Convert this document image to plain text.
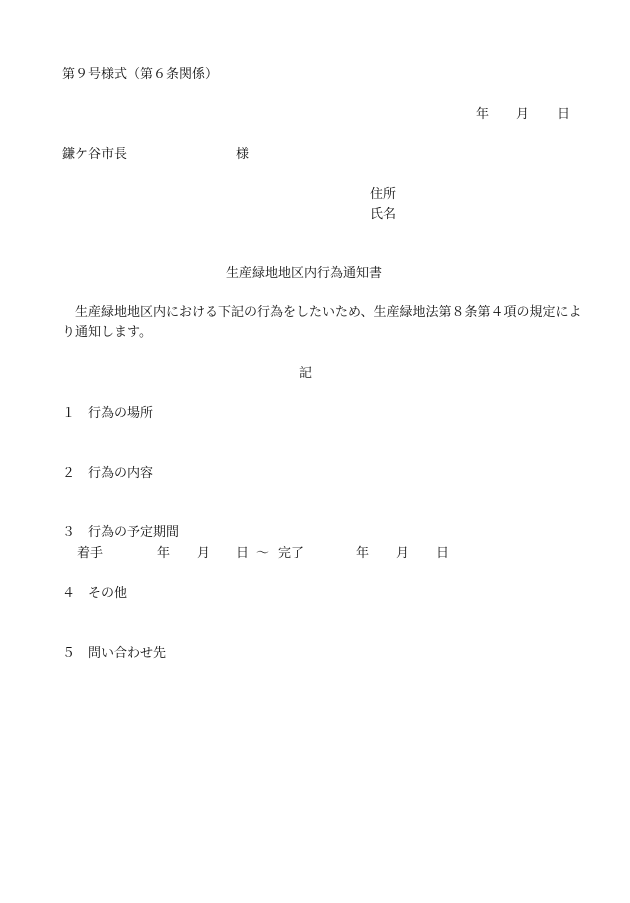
第９号様式（第６条関係）
年 月 日
鎌ケ谷市長	様
住所
氏名
生産緑地地区内行為通知書
生産緑地地区内における下記の行為をしたいため、生産緑地法第８条第４項の規定により通知します。
記
１ 行為の場所
２ 行為の内容
３ 行為の予定期間
着手	年 月 日 ～ 完了	年 月 日
４ その他
５ 問い合わせ先
